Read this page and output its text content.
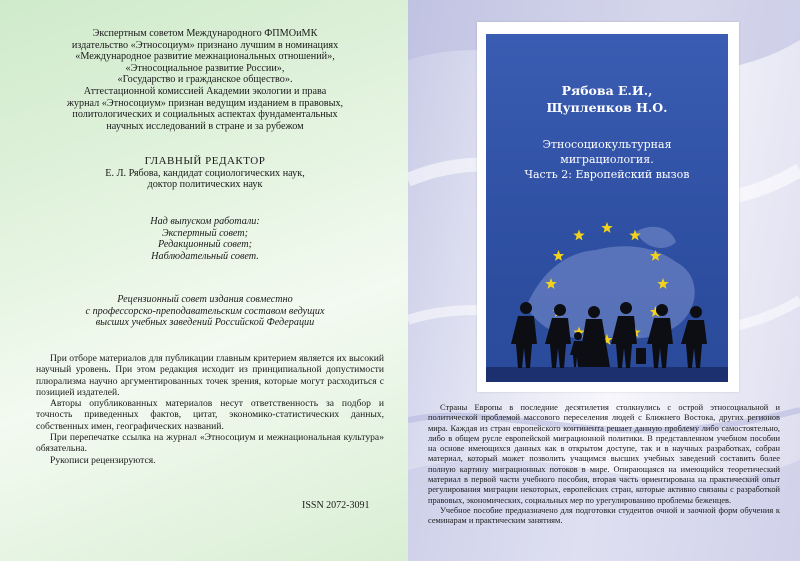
Экспертным советом Международного ФПМОиМК

издательство «Этносоциум» признано лучшим в номинациях

«Международное развитие межнациональных отношений»,

«Этносоциальное развитие России»,

«Государство и гражданское общество».

Аттестационной комиссией Академии экологии и права

журнал «Этносоциум» признан ведущим изданием в правовых,

политологических и социальных аспектах фундаментальных

научных исследований в стране и за рубежом

ГЛАВНЫЙ РЕДАКТОР

Е. Л. Рябова, кандидат социологических наук,

доктор политических наук

Над выпуском работали:

Экспертный совет;

Редакционный совет;

Наблюдательный совет.

Рецензионный совет издания совместно

с профессорско-преподавательским составом ведущих

высших учебных заведений Российской Федерации

При отборе материалов для публикации главным критерием является их высокий научный уровень. При этом редакция исходит из принципиальной допустимости плюрализма научно аргументированных точек зрения, которые могут расходиться с позицией издателей.

Авторы опубликованных материалов несут ответственность за подбор и точность приведенных фактов, цитат, экономико-статистических данных, собственных имен, географических названий.

При перепечатке ссылка на журнал «Этносоциум и межнациональная культура» обязательна.

Рукописи рецензируются.

ISSN 2072-3091
Рябова Е.И.,
Щупленков Н.О.
Этносоциокультурная
миграциология.
Часть 2: Европейский вызов

Страны Европы в последние десятилетия столкнулись с острой этносоциальной и политической проблемой массового переселения людей с Ближнего Востока, других регионов мира. Каждая из стран европейского континента решает данную проблему либо самостоятельно, либо в общем русле европейской миграционной политики. В представленном учебном пособии на основе имеющихся данных как в открытом доступе, так и в научных разработках, собран материал, который может позволить учащимся высших учебных заведений составить более полную картину миграционных потоков в мире. Опирающаяся на имеющийся теоретический материал в первой части учебного пособия, вторая часть ориентирована на практический опыт регулирования миграции некоторых, европейских стран, которые активно связаны с разработкой правовых, экономических, социальных мер по урегулированию проблемы беженцев.

Учебное пособие предназначено для подготовки студентов очной и заочной форм обучения к семинарам и практическим занятиям.
